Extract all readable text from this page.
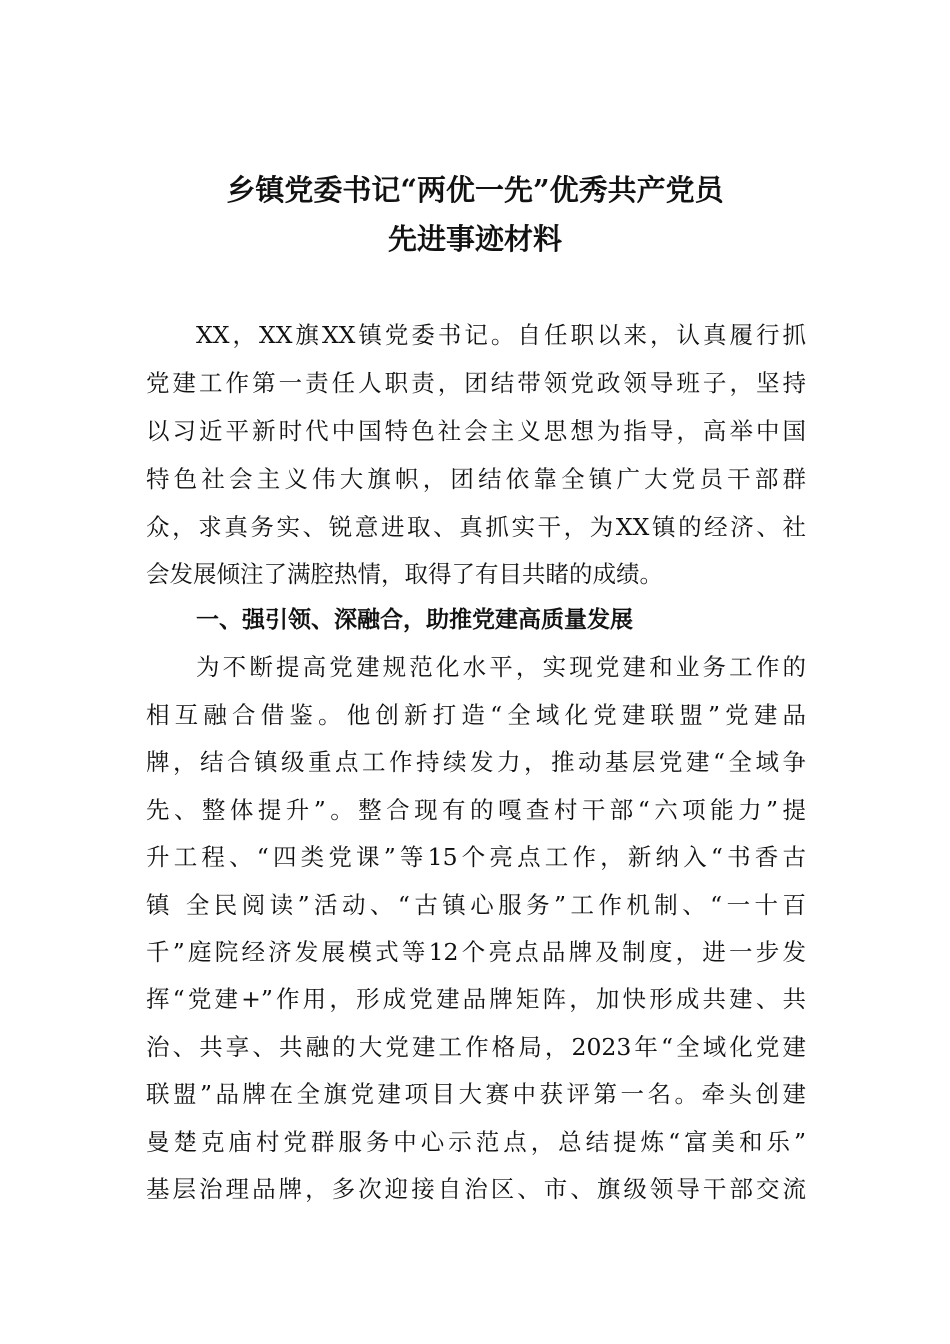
乡镇党委书记“两优一先”优秀共产党员
先进事迹材料
XX，XX旗XX镇党委书记。自任职以来，认真履行抓
党建工作第一责任人职责，团结带领党政领导班子，坚持
以习近平新时代中国特色社会主义思想为指导，高举中国
特色社会主义伟大旗帜，团结依靠全镇广大党员干部群
众，求真务实、锐意进取、真抓实干，为XX镇的经济、社
会发展倾注了满腔热情，取得了有目共睹的成绩。
一、强引领、深融合，助推党建高质量发展
为不断提高党建规范化水平，实现党建和业务工作的
相互融合借鉴。他创新打造“全域化党建联盟”党建品
牌，结合镇级重点工作持续发力，推动基层党建“全域争
先、整体提升”。整合现有的嘎查村干部“六项能力”提
升工程、“四类党课”等15个亮点工作，新纳入“书香古
镇 全民阅读”活动、“古镇心服务”工作机制、“一十百
千”庭院经济发展模式等12个亮点品牌及制度，进一步发
挥“党建+”作用，形成党建品牌矩阵，加快形成共建、共
治、共享、共融的大党建工作格局，2023年“全域化党建
联盟”品牌在全旗党建项目大赛中获评第一名。牵头创建
曼楚克庙村党群服务中心示范点，总结提炼“富美和乐”
基层治理品牌，多次迎接自治区、市、旗级领导干部交流
